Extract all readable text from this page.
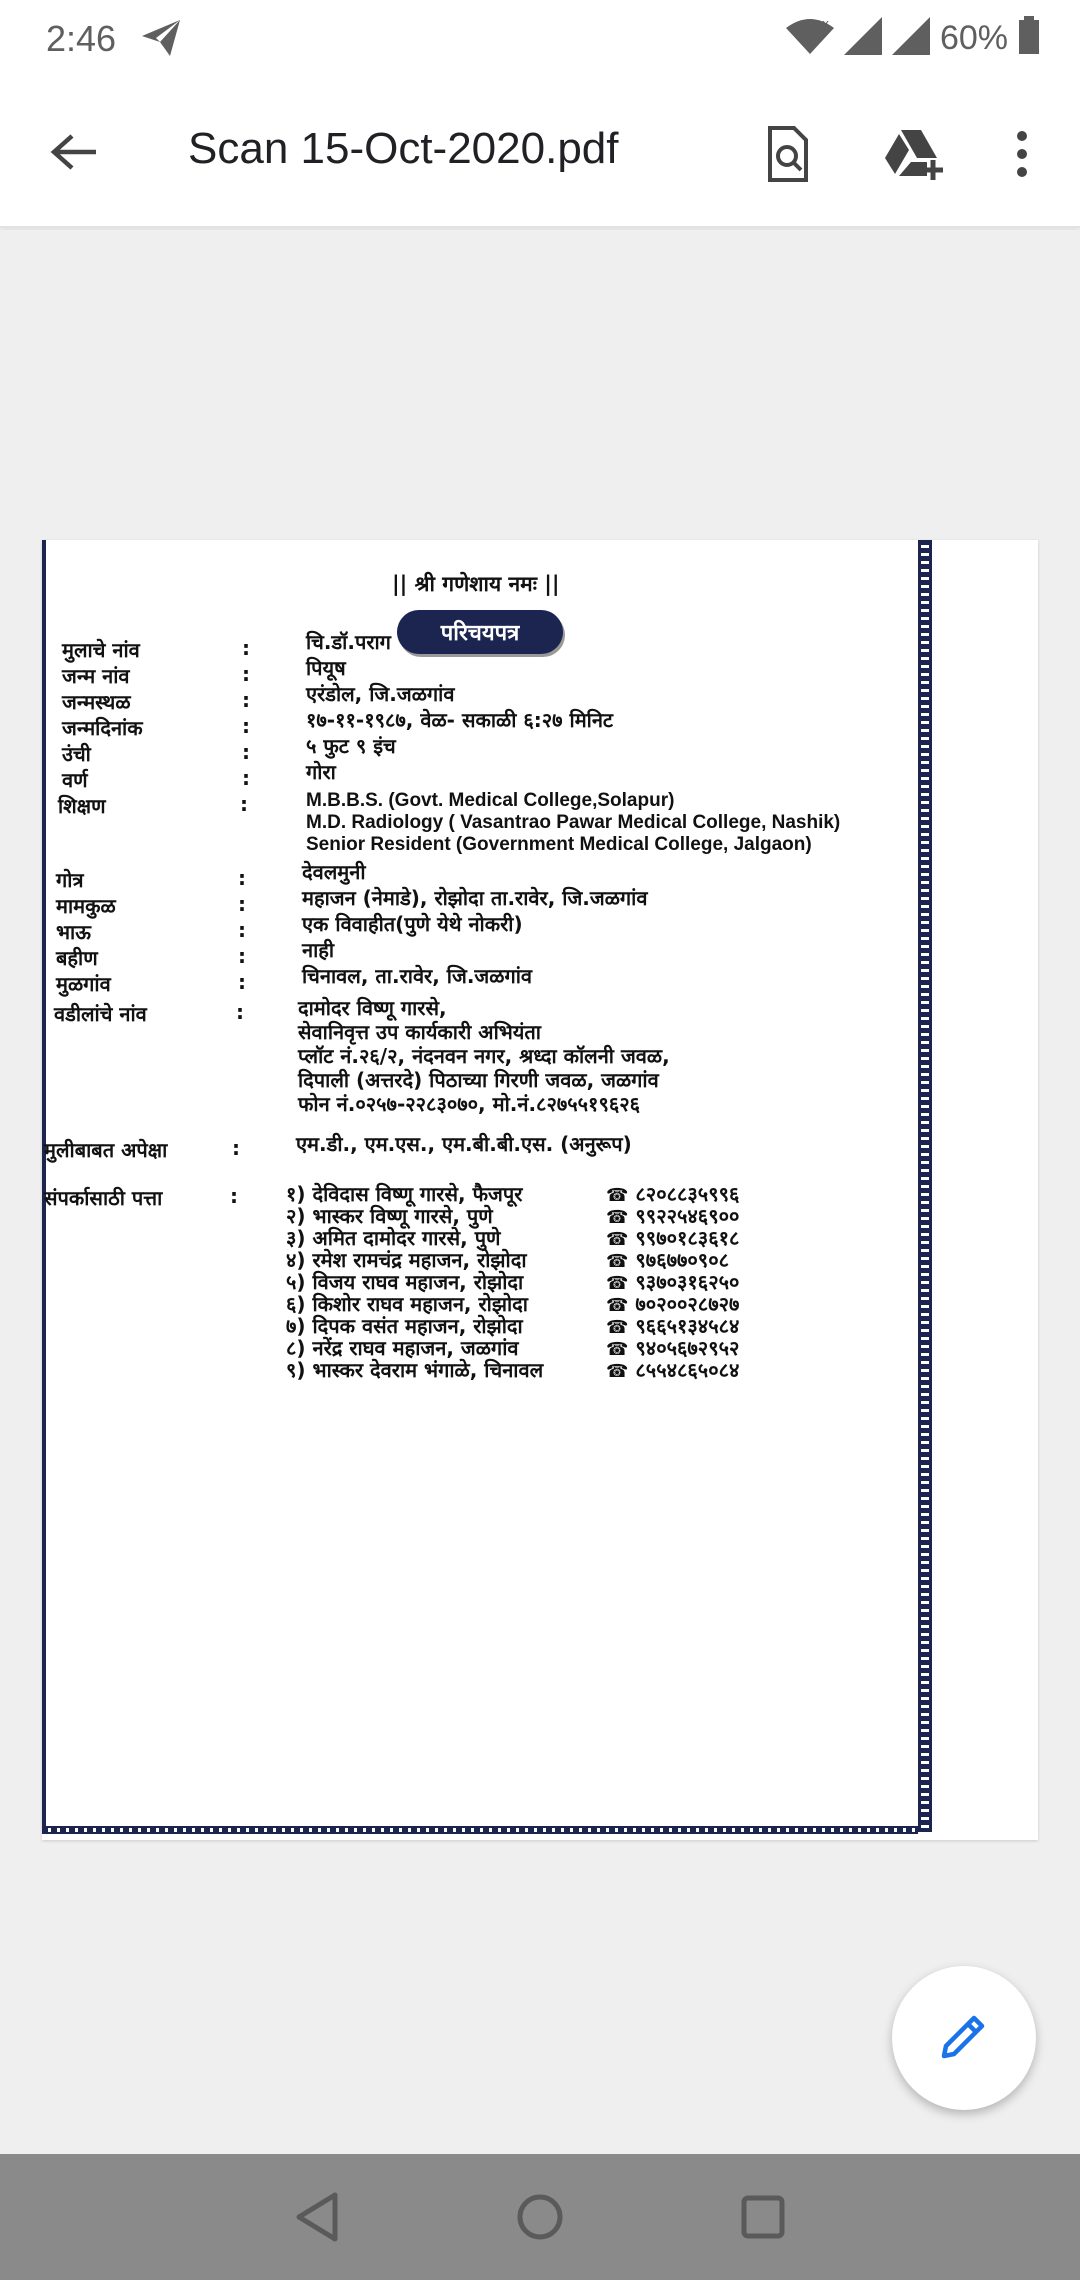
2:46	x	60%
Scan 15-Oct-2020.pdf
|| श्री गणेशाय नमः ||
परिचयपत्र
मुलाचे नांव	:	चि.डॉ.पराग
जन्म नांव	:	पियूष
जन्मस्थळ	:	एरंडोल, जि.जळगांव
जन्मदिनांक	:	१७-११-१९८७, वेळ- सकाळी ६:२७ मिनिट
उंची	:	५ फुट ९ इंच
वर्ण	:	गोरा
शिक्षण	:	M.B.B.S. (Govt. Medical College,Solapur)
M.D. Radiology ( Vasantrao Pawar Medical College, Nashik)
Senior Resident (Government Medical College, Jalgaon)
गोत्र	:	देवलमुनी
मामकुळ	:	महाजन (नेमाडे), रोझोदा ता.रावेर, जि.जळगांव
भाऊ	:	एक विवाहीत(पुणे येथे नोकरी)
बहीण	:	नाही
मुळगांव	:	चिनावल, ता.रावेर, जि.जळगांव
वडीलांचे नांव	:	दामोदर विष्णू गारसे,
सेवानिवृत्त उप कार्यकारी अभियंता
प्लॉट नं.२६/२, नंदनवन नगर, श्रध्दा कॉलनी जवळ,
दिपाली (अत्तरदे) पिठाच्या गिरणी जवळ, जळगांव
फोन नं.०२५७-२२८३०७०, मो.नं.८२७५५१९६२६
मुलीबाबत अपेक्षा	:	एम.डी., एम.एस., एम.बी.बी.एस. (अनुरूप)
संपर्कासाठी पत्ता	: १) देविदास विष्णू गारसे, फैजपूर	☎ ८२०८८३५९९६
२) भास्कर विष्णू गारसे, पुणे	☎ ९९२२५४६९००
३) अमित दामोदर गारसे, पुणे	☎ ९९७०१८३६१८
४) रमेश रामचंद्र महाजन, रोझोदा	☎ ९७६७७०९०८
५) विजय राघव महाजन, रोझोदा	☎ ९३७०३१६२५०
६) किशोर राघव महाजन, रोझोदा	☎ ७०२००२८७२७
७) दिपक वसंत महाजन, रोझोदा	☎ ९६६५१३४५८४
८) नरेंद्र राघव महाजन, जळगांव	☎ ९४०५६७२९५२
९) भास्कर देवराम भंगाळे, चिनावल	☎ ८५५४८६५०८४
